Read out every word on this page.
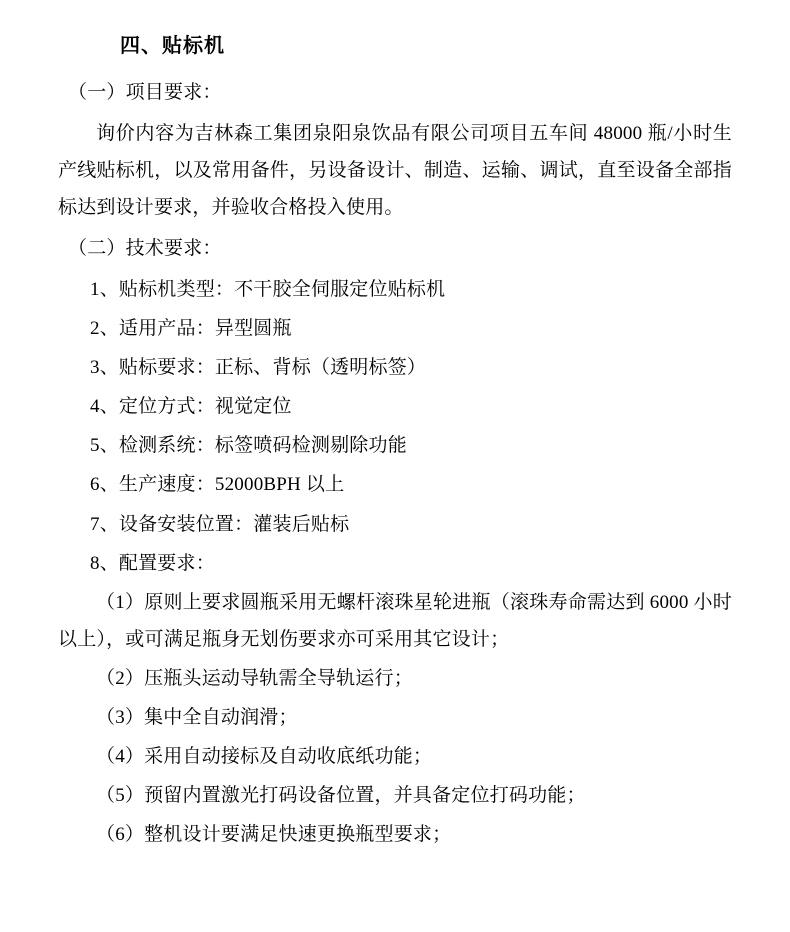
四、贴标机

（一）项目要求：

询价内容为吉林森工集团泉阳泉饮品有限公司项目五车间 48000 瓶/小时生产线贴标机，以及常用备件，另设备设计、制造、运输、调试，直至设备全部指标达到设计要求，并验收合格投入使用。

（二）技术要求：

1、贴标机类型：不干胶全伺服定位贴标机

2、适用产品：异型圆瓶

3、贴标要求：正标、背标（透明标签）

4、定位方式：视觉定位

5、检测系统：标签喷码检测剔除功能

6、生产速度：52000BPH 以上

7、设备安装位置：灌装后贴标

8、配置要求：

（1）原则上要求圆瓶采用无螺杆滚珠星轮进瓶（滚珠寿命需达到 6000 小时以上），或可满足瓶身无划伤要求亦可采用其它设计；

（2）压瓶头运动导轨需全导轨运行；

（3）集中全自动润滑；

（4）采用自动接标及自动收底纸功能；

（5）预留内置激光打码设备位置，并具备定位打码功能；

（6）整机设计要满足快速更换瓶型要求；
